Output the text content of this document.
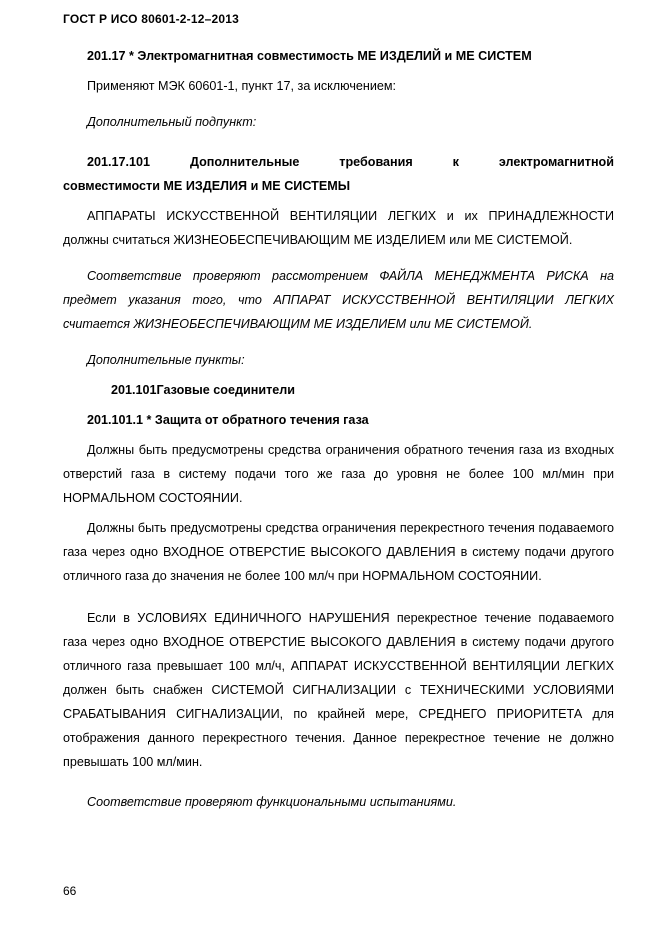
ГОСТ Р ИСО 80601-2-12–2013

201.17 * Электромагнитная совместимость МЕ ИЗДЕЛИЙ и МЕ СИСТЕМ

Применяют МЭК 60601-1, пункт 17, за исключением:

Дополнительный подпункт:

201.17.101 Дополнительные требования к электромагнитной

совместимости МЕ ИЗДЕЛИЯ и МЕ СИСТЕМЫ

АППАРАТЫ ИСКУССТВЕННОЙ ВЕНТИЛЯЦИИ ЛЕГКИХ и их ПРИНАДЛЕЖНОСТИ

должны считаться ЖИЗНЕОБЕСПЕЧИВАЮЩИМ МЕ ИЗДЕЛИЕМ или МЕ СИСТЕМОЙ.

Соответствие проверяют рассмотрением ФАЙЛА МЕНЕДЖМЕНТА РИСКА на предмет указания того, что АППАРАТ ИСКУССТВЕННОЙ ВЕНТИЛЯЦИИ ЛЕГКИХ считается ЖИЗНЕОБЕСПЕЧИВАЮЩИМ МЕ ИЗДЕЛИЕМ или МЕ СИСТЕМОЙ.

Дополнительные пункты:

201.101Газовые соединители

201.101.1 * Защита от обратного течения газа

Должны быть предусмотрены средства ограничения обратного течения газа из входных отверстий газа в систему подачи того же газа до уровня не более 100 мл/мин при НОРМАЛЬНОМ СОСТОЯНИИ.

Должны быть предусмотрены средства ограничения перекрестного течения подаваемого газа через одно ВХОДНОЕ ОТВЕРСТИЕ ВЫСОКОГО ДАВЛЕНИЯ в систему подачи другого отличного газа до значения не более 100 мл/ч при НОРМАЛЬНОМ СОСТОЯНИИ.

Если в УСЛОВИЯХ ЕДИНИЧНОГО НАРУШЕНИЯ перекрестное течение подаваемого газа через одно ВХОДНОЕ ОТВЕРСТИЕ ВЫСОКОГО ДАВЛЕНИЯ в систему подачи другого отличного газа превышает 100 мл/ч, АППАРАТ ИСКУССТВЕННОЙ ВЕНТИЛЯЦИИ ЛЕГКИХ должен быть снабжен СИСТЕМОЙ СИГНАЛИЗАЦИИ с ТЕХНИЧЕСКИМИ УСЛОВИЯМИ СРАБАТЫВАНИЯ СИГНАЛИЗАЦИИ, по крайней мере, СРЕДНЕГО ПРИОРИТЕТА для отображения данного перекрестного течения. Данное перекрестное течение не должно превышать 100 мл/мин.

Соответствие проверяют функциональными испытаниями.

66
